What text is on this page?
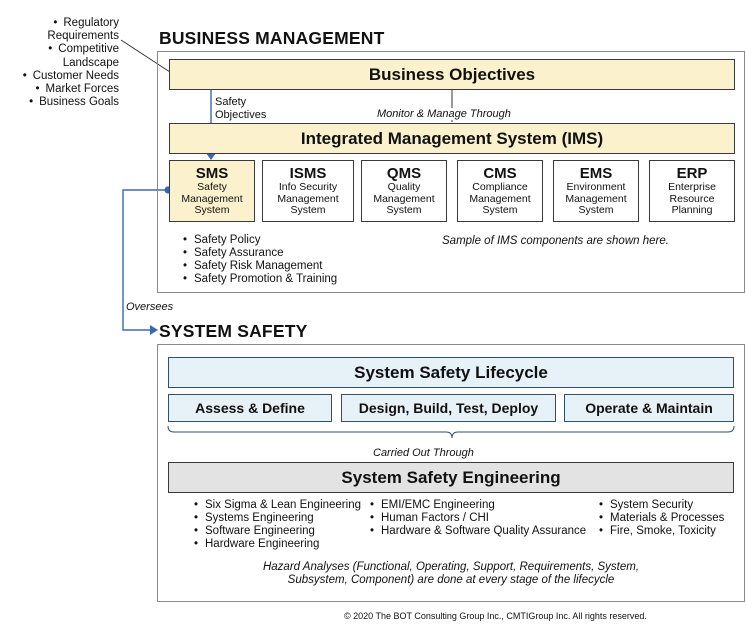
• Regulatory
Requirements
• Competitive
Landscape
• Customer Needs
• Market Forces
• Business Goals
BUSINESS MANAGEMENT
Business Objectives
Safety
Objectives	Monitor & Manage Through
Integrated Management System (IMS)
SMS
Safety
Management
System
ISMS
Info Security
Management
System
QMS
Quality
Management
System
CMS
Compliance
Management
System
EMS
Environment
Management
System
ERP
Enterprise
Resource
Planning
• Safety Policy
• Safety Assurance
• Safety Risk Management
• Safety Promotion & Training
Sample of IMS components are shown here.
Oversees
SYSTEM SAFETY
System Safety Lifecycle
Assess & Define	Design, Build, Test, Deploy	Operate & Maintain
Carried Out Through
System Safety Engineering
• Six Sigma & Lean Engineering
• Systems Engineering
• Software Engineering
• Hardware Engineering
• EMI/EMC Engineering
• Human Factors / CHI
• Hardware & Software Quality Assurance
• System Security
• Materials & Processes
• Fire, Smoke, Toxicity
Hazard Analyses (Functional, Operating, Support, Requirements, System,
Subsystem, Component) are done at every stage of the lifecycle
© 2020 The BOT Consulting Group Inc., CMTIGroup Inc. All rights reserved.
